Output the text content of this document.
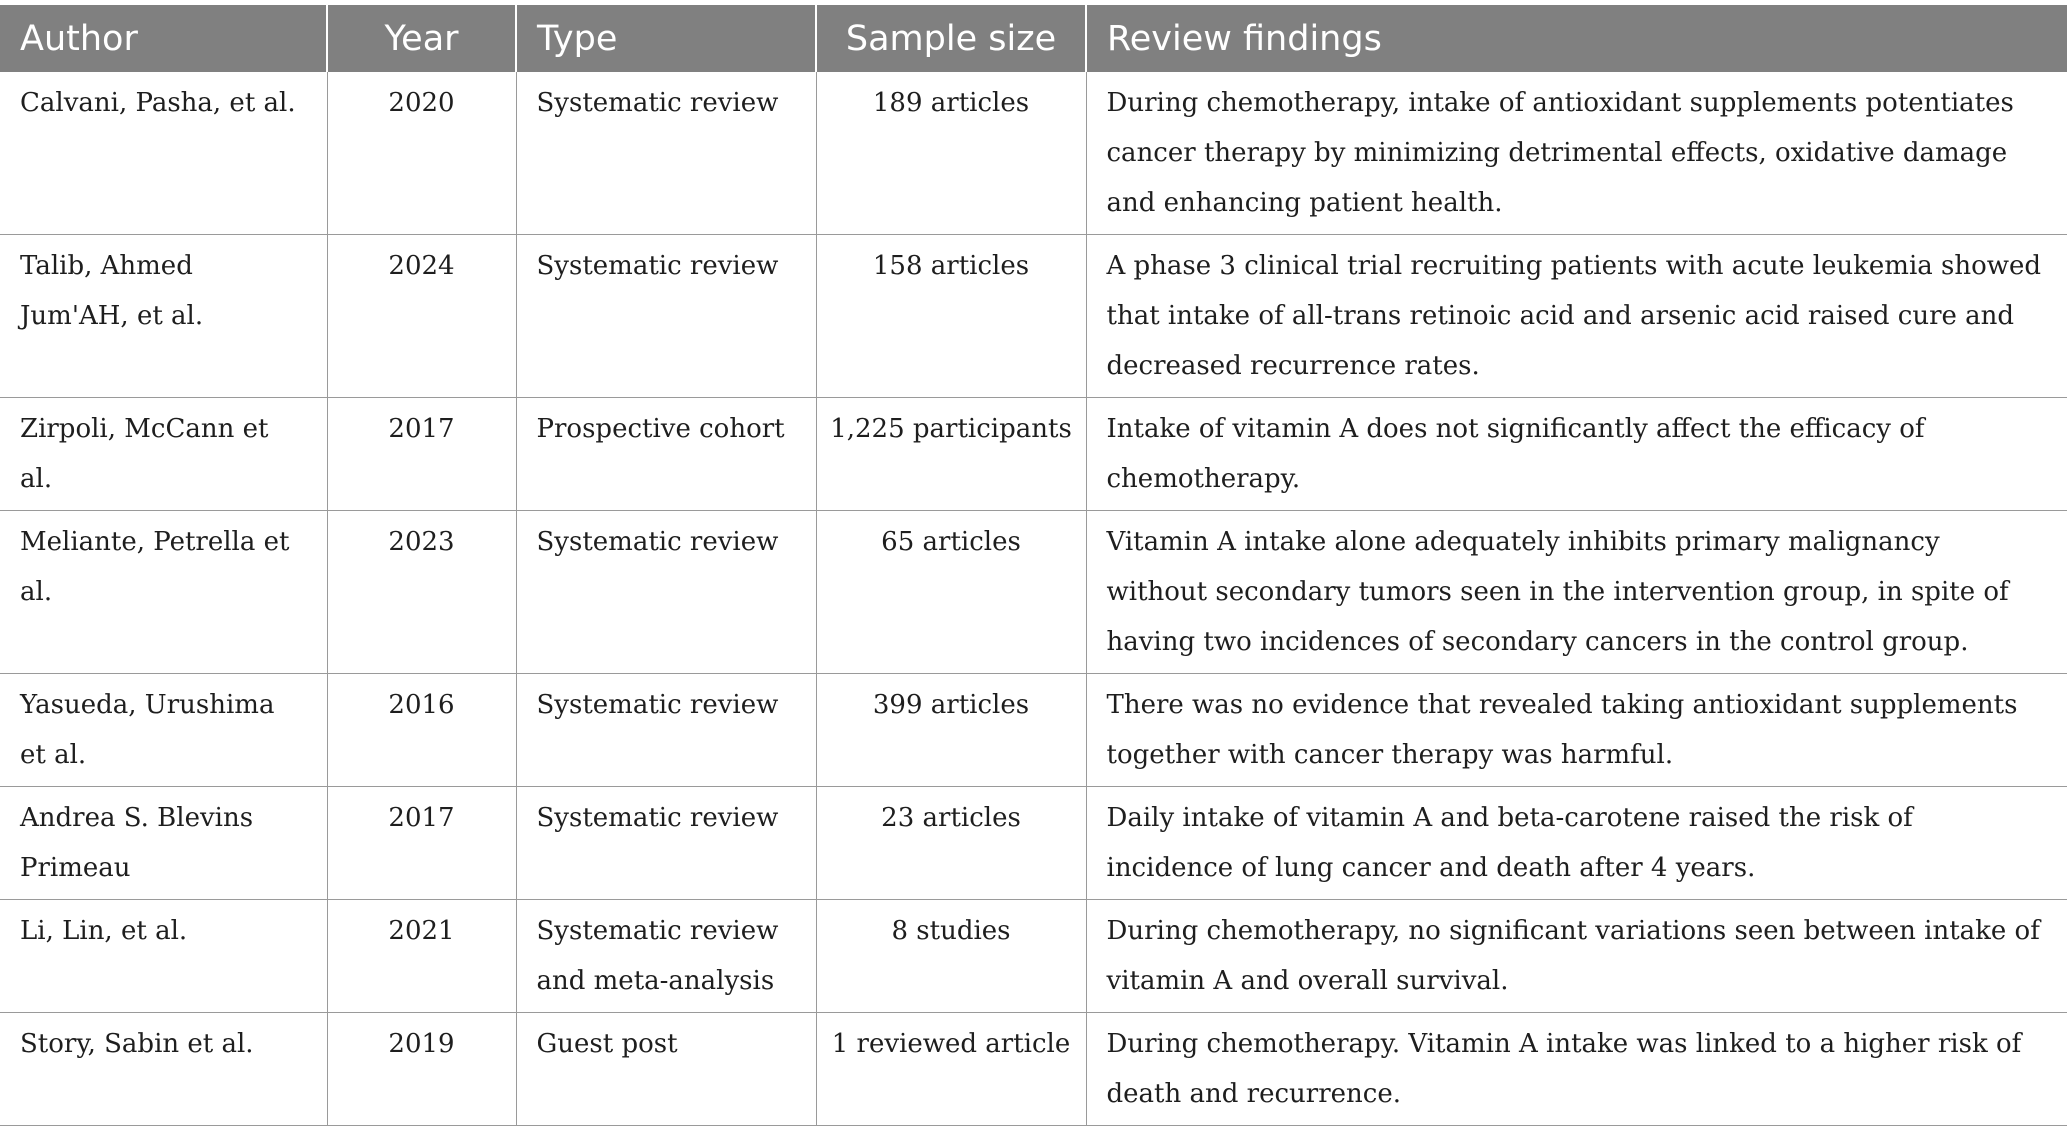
Author	Year	Type	Sample size	Review findings
Calvani, Pasha, et al.	2020	Systematic review	189 articles	During chemotherapy, intake of antioxidant supplements potentiates cancer therapy by minimizing detrimental effects, oxidative damage and enhancing patient health.
Talib, Ahmed Jum'AH, et al.	2024	Systematic review	158 articles	A phase 3 clinical trial recruiting patients with acute leukemia showed that intake of all-trans retinoic acid and arsenic acid raised cure and decreased recurrence rates.
Zirpoli, McCann et al.	2017	Prospective cohort	1,225 participants	Intake of vitamin A does not significantly affect the efficacy of chemotherapy.
Meliante, Petrella et al.	2023	Systematic review	65 articles	Vitamin A intake alone adequately inhibits primary malignancy without secondary tumors seen in the intervention group, in spite of having two incidences of secondary cancers in the control group.
Yasueda, Urushima et al.	2016	Systematic review	399 articles	There was no evidence that revealed taking antioxidant supplements together with cancer therapy was harmful.
Andrea S. Blevins Primeau	2017	Systematic review	23 articles	Daily intake of vitamin A and beta-carotene raised the risk of incidence of lung cancer and death after 4 years.
Li, Lin, et al.	2021	Systematic review and meta-analysis	8 studies	During chemotherapy, no significant variations seen between intake of vitamin A and overall survival.
Story, Sabin et al.	2019	Guest post	1 reviewed article	During chemotherapy. Vitamin A intake was linked to a higher risk of death and recurrence.
